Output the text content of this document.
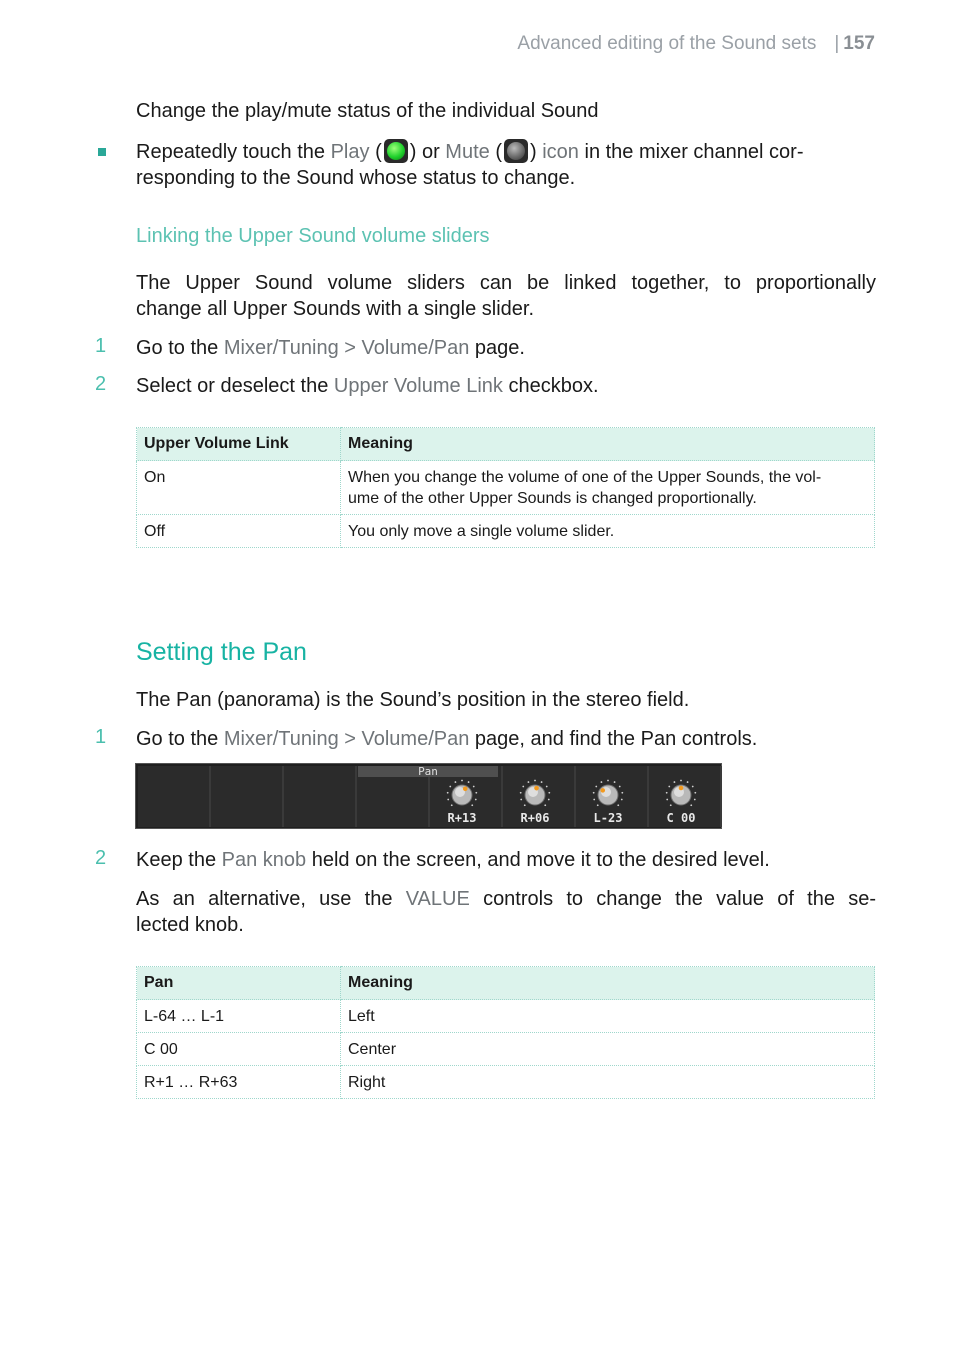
Advanced editing of the Sound sets | 157
Change the play/mute status of the individual Sound
Repeatedly touch the Play ( ) or Mute ( ) icon in the mixer channel cor-
responding to the Sound whose status to change.
Linking the Upper Sound volume sliders
The Upper Sound volume sliders can be linked together, to proportionally
change all Upper Sounds with a single slider.
1 Go to the Mixer/Tuning > Volume/Pan page.
2 Select or deselect the Upper Volume Link checkbox.
Upper Volume Link	Meaning
On	When you change the volume of one of the Upper Sounds, the vol-
ume of the other Upper Sounds is changed proportionally.

Off	You only move a single volume slider.
Setting the Pan
The Pan (panorama) is the Sound’s position in the stereo field.
1 Go to the Mixer/Tuning > Volume/Pan page, and find the Pan controls.
Pan
R+13	R+06	L-23	C 00
2 Keep the Pan knob held on the screen, and move it to the desired level.
As an alternative, use the VALUE controls to change the value of the se-
lected knob.
Pan	Meaning
L-64 … L-1	Left
C 00	Center
R+1 … R+63	Right
